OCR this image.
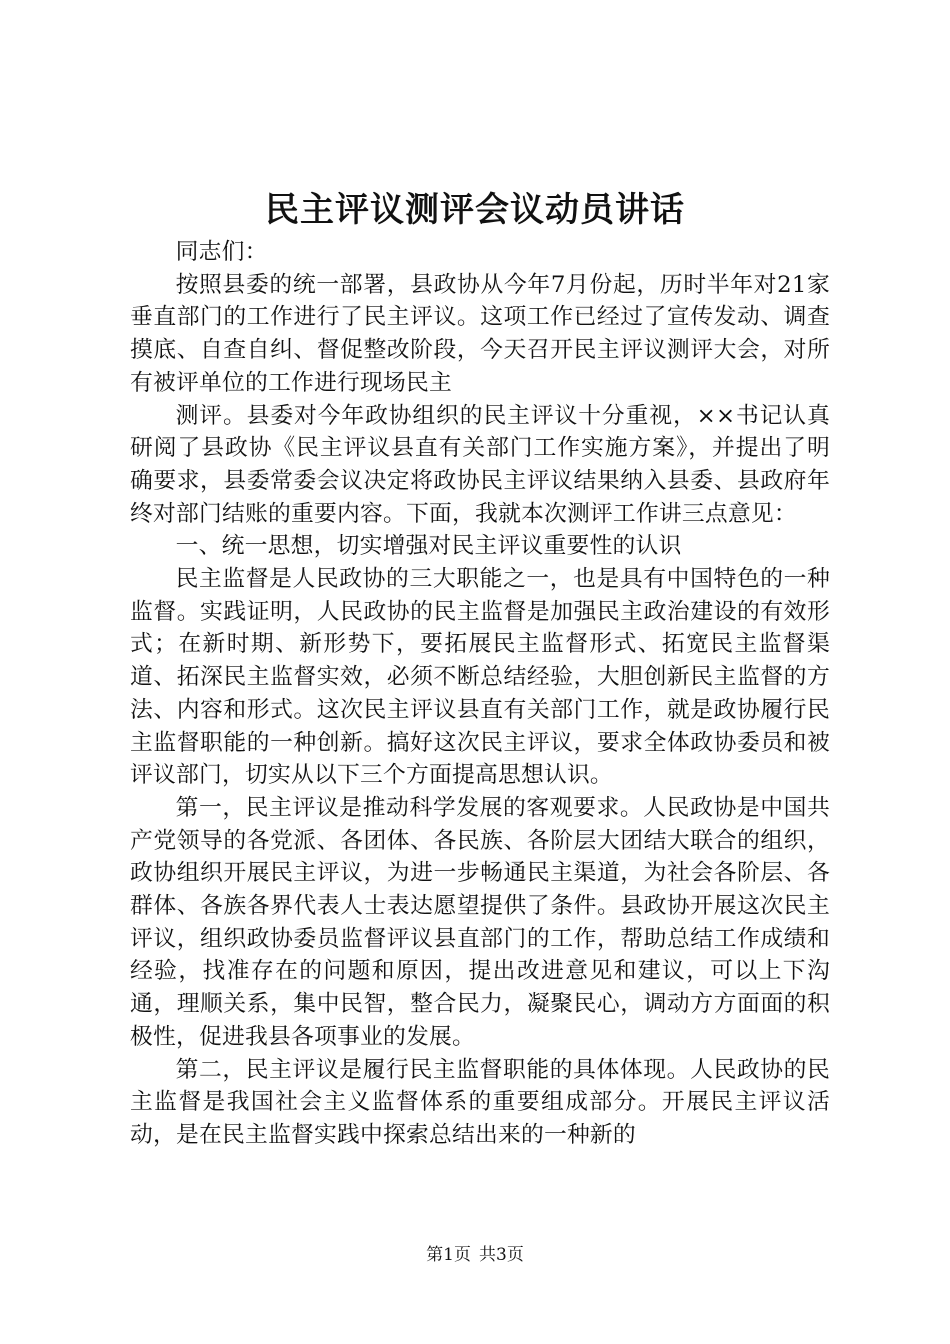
民主评议测评会议动员讲话

同志们：

按照县委的统一部署，县政协从今年7月份起，历时半年对21家垂直部门的工作进行了民主评议。这项工作已经过了宣传发动、调查摸底、自查自纠、督促整改阶段，今天召开民主评议测评大会，对所有被评单位的工作进行现场民主

测评。县委对今年政协组织的民主评议十分重视，××书记认真研阅了县政协《民主评议县直有关部门工作实施方案》，并提出了明确要求，县委常委会议决定将政协民主评议结果纳入县委、县政府年终对部门结账的重要内容。下面，我就本次测评工作讲三点意见：

一、统一思想，切实增强对民主评议重要性的认识

民主监督是人民政协的三大职能之一，也是具有中国特色的一种监督。实践证明，人民政协的民主监督是加强民主政治建设的有效形式；在新时期、新形势下，要拓展民主监督形式、拓宽民主监督渠道、拓深民主监督实效，必须不断总结经验，大胆创新民主监督的方法、内容和形式。这次民主评议县直有关部门工作，就是政协履行民主监督职能的一种创新。搞好这次民主评议，要求全体政协委员和被评议部门，切实从以下三个方面提高思想认识。

第一，民主评议是推动科学发展的客观要求。人民政协是中国共产党领导的各党派、各团体、各民族、各阶层大团结大联合的组织，政协组织开展民主评议，为进一步畅通民主渠道，为社会各阶层、各群体、各族各界代表人士表达愿望提供了条件。县政协开展这次民主评议，组织政协委员监督评议县直部门的工作，帮助总结工作成绩和经验，找准存在的问题和原因，提出改进意见和建议，可以上下沟通，理顺关系，集中民智，整合民力，凝聚民心，调动方方面面的积极性，促进我县各项事业的发展。

第二，民主评议是履行民主监督职能的具体体现。人民政协的民主监督是我国社会主义监督体系的重要组成部分。开展民主评议活动，是在民主监督实践中探索总结出来的一种新的

第1页 共3页
